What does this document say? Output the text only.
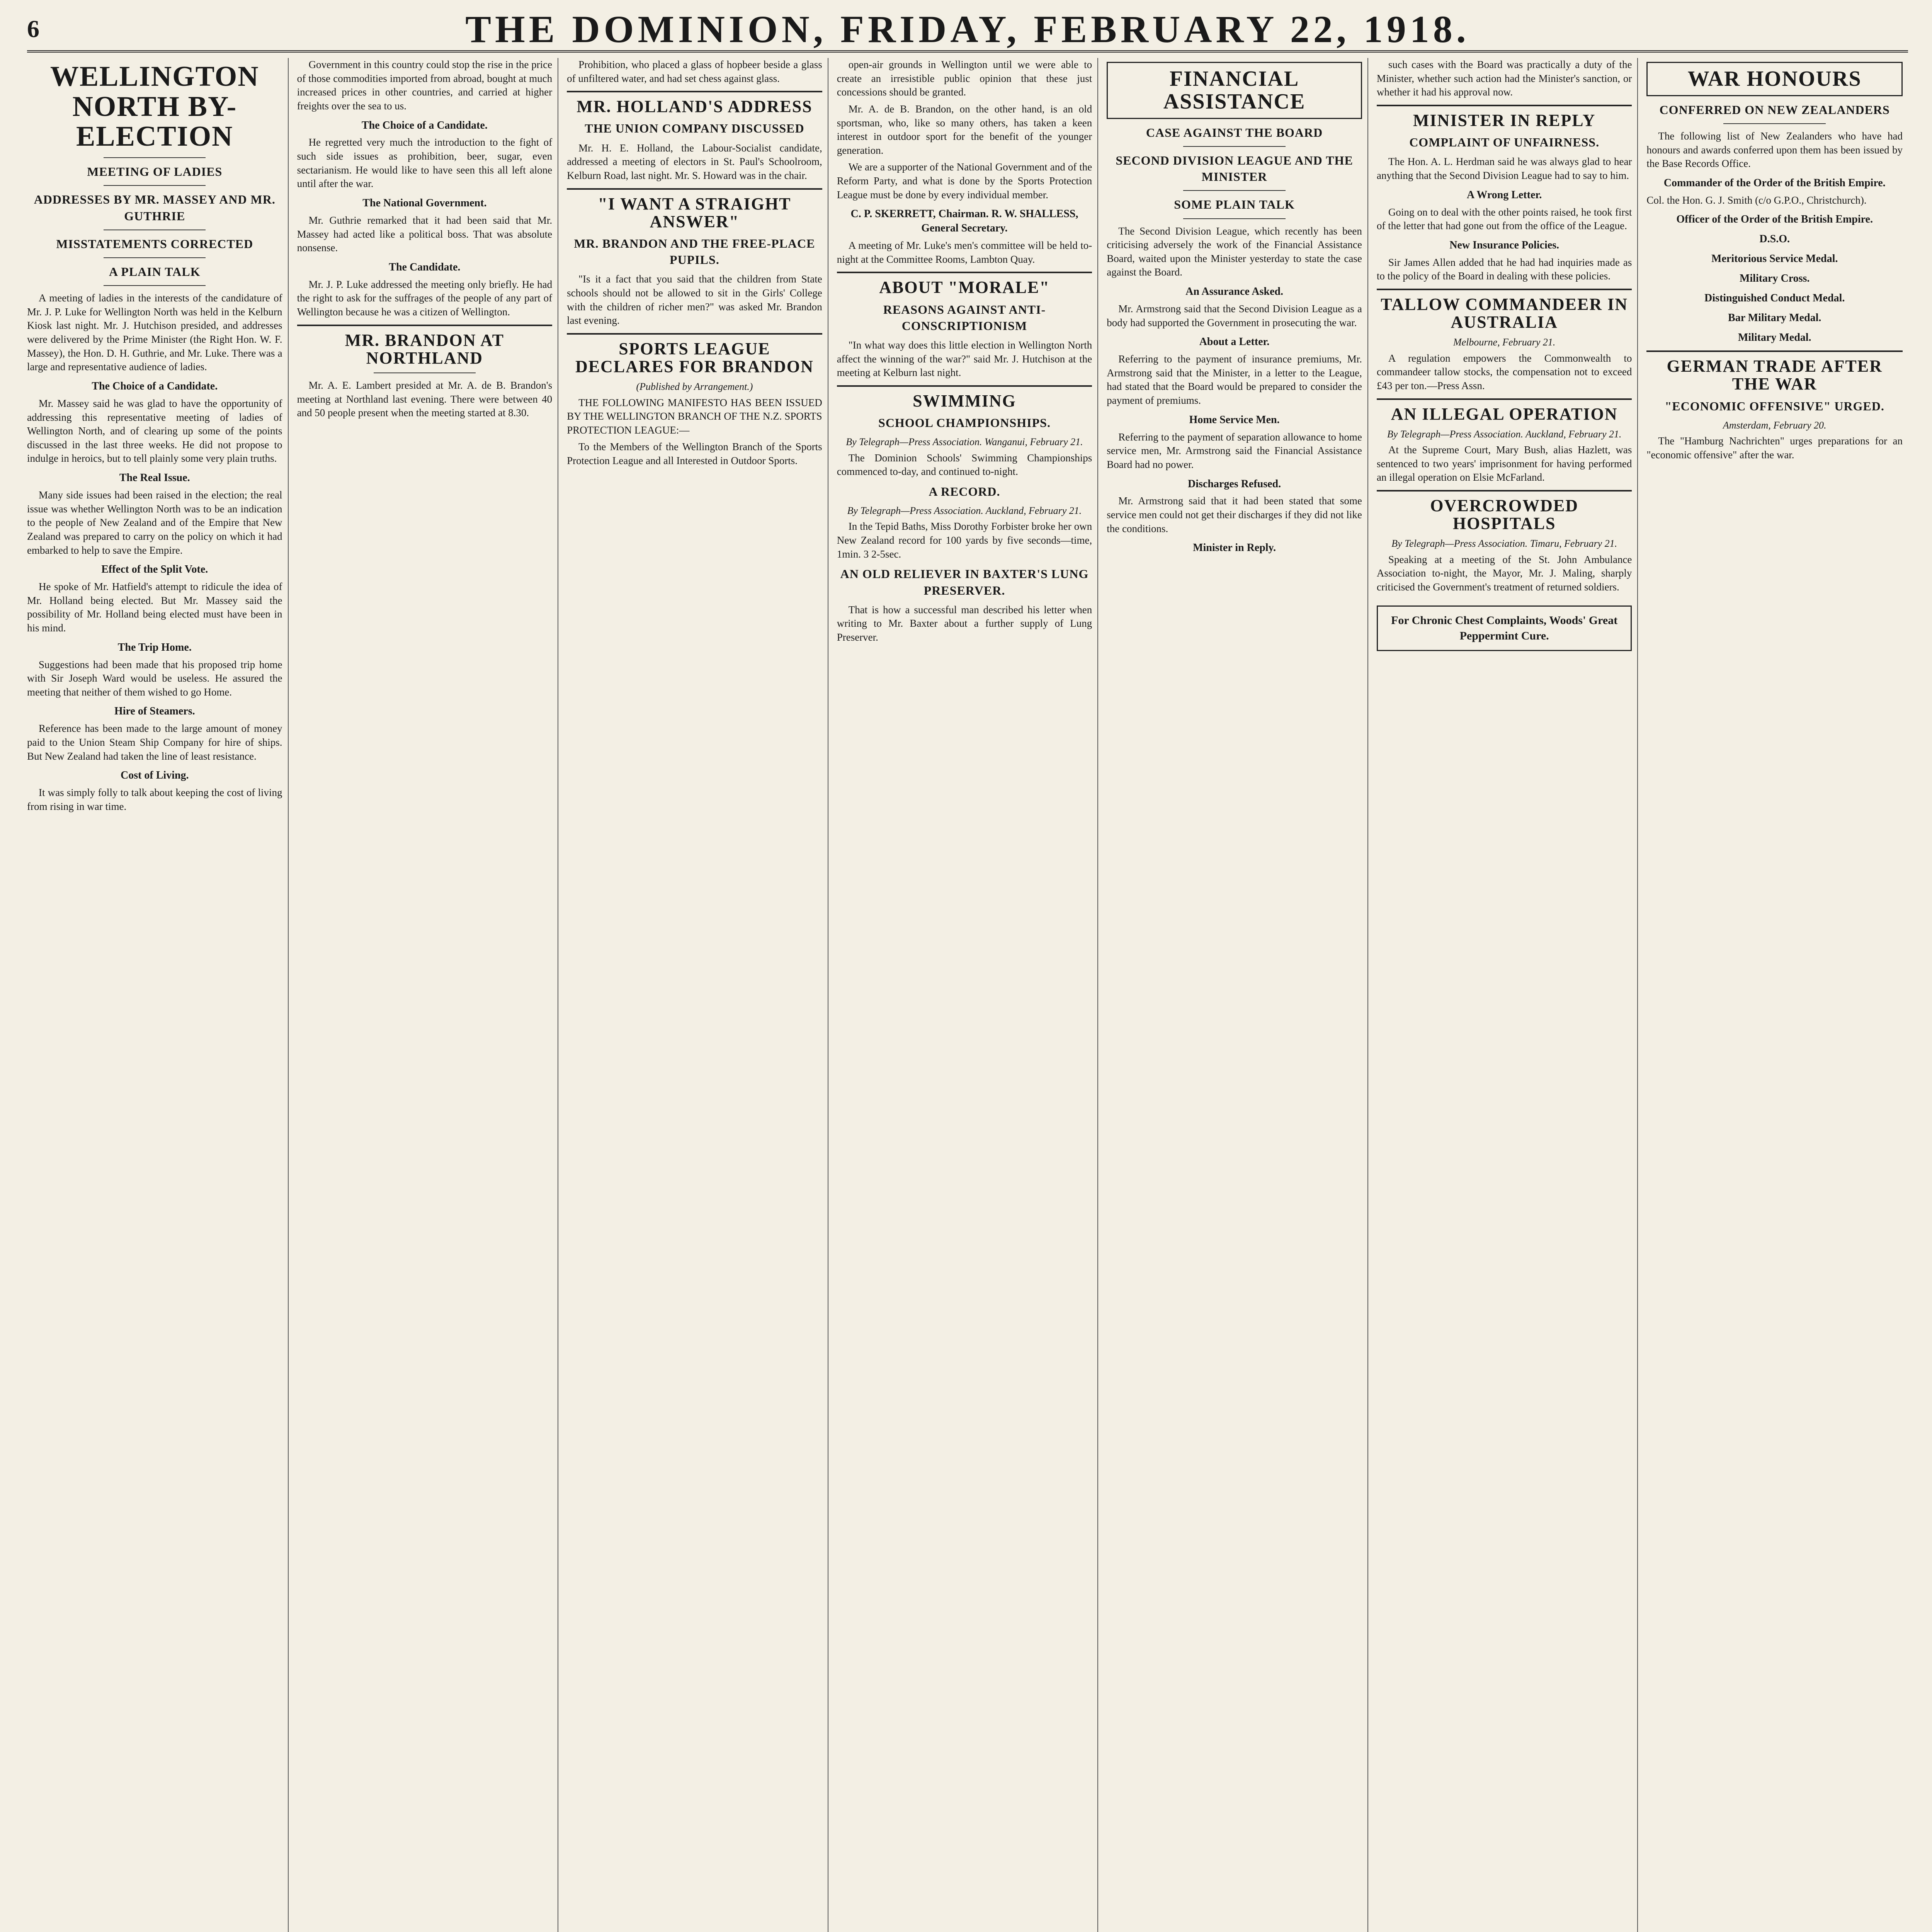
6	THE DOMINION, FRIDAY, FEBRUARY 22, 1918.
WELLINGTON NORTH BY-ELECTION
MEETING OF LADIES
ADDRESSES BY MR. MASSEY AND MR. GUTHRIE
MISSTATEMENTS CORRECTED
A PLAIN TALK

A meeting of ladies in the interests of the candidature of Mr. J. P. Luke for Wellington North was held in the Kelburn Kiosk last night. Mr. J. Hutchison presided, and addresses were delivered by the Prime Minister (the Right Hon. W. F. Massey), the Hon. D. H. Guthrie, and Mr. Luke. There was a large and representative audience of ladies.

The Choice of a Candidate.

Mr. Massey said he was glad to have the opportunity of addressing this representative meeting of ladies of Wellington North, and of clearing up some of the points discussed in the last three weeks. He did not propose to indulge in heroics, but to tell plainly some very plain truths.

The Real Issue.

Many side issues had been raised in the election; the real issue was whether Wellington North was to be an indication to the people of New Zealand and of the Empire that New Zealand was prepared to carry on the policy on which it had embarked to help to save the Empire.

Effect of the Split Vote.

He spoke of Mr. Hatfield's attempt to ridicule the idea of Mr. Holland being elected. But Mr. Massey said the possibility of Mr. Holland being elected must have been in his mind.

The Trip Home.

Suggestions had been made that his proposed trip home with Sir Joseph Ward would be useless. He assured the meeting that neither of them wished to go Home.

Hire of Steamers.

Reference has been made to the large amount of money paid to the Union Steam Ship Company for hire of ships. But New Zealand had taken the line of least resistance.

Cost of Living.

It was simply folly to talk about keeping the cost of living from rising in war time.

Government in this country could stop the rise in the price of those commodities imported from abroad, bought at much increased prices in other countries, and carried at higher freights over the sea to us.

The Choice of a Candidate.

He regretted very much the introduction to the fight of such side issues as prohibition, beer, sugar, even sectarianism. He would like to have seen this all left alone until after the war.

The National Government.

Mr. Guthrie remarked that it had been said that Mr. Massey had acted like a political boss. That was absolute nonsense.

The Candidate.

Mr. J. P. Luke addressed the meeting only briefly. He had the right to ask for the suffrages of the people of any part of Wellington because he was a citizen of Wellington.

MR. BRANDON AT NORTHLAND

Mr. A. E. Lambert presided at Mr. A. de B. Brandon's meeting at Northland last evening. There were between 40 and 50 people present when the meeting started at 8.30.

Prohibition, who placed a glass of hopbeer beside a glass of unfiltered water, and had set chess against glass.

MR. HOLLAND'S ADDRESS
THE UNION COMPANY DISCUSSED

Mr. H. E. Holland, the Labour-Socialist candidate, addressed a meeting of electors in St. Paul's Schoolroom, Kelburn Road, last night. Mr. S. Howard was in the chair.

"I WANT A STRAIGHT ANSWER"
MR. BRANDON AND THE FREE-PLACE PUPILS.

"Is it a fact that you said that the children from State schools should not be allowed to sit in the Girls' College with the children of richer men?" was asked Mr. Brandon last evening.

SPORTS LEAGUE DECLARES FOR BRANDON
(Published by Arrangement.)

THE FOLLOWING MANIFESTO HAS BEEN ISSUED BY THE WELLINGTON BRANCH OF THE N.Z. SPORTS PROTECTION LEAGUE:—

To the Members of the Wellington Branch of the Sports Protection League and all Interested in Outdoor Sports.

open-air grounds in Wellington until we were able to create an irresistible public opinion that these just concessions should be granted.

Mr. A. de B. Brandon, on the other hand, is an old sportsman, who, like so many others, has taken a keen interest in outdoor sport for the benefit of the younger generation.

We are a supporter of the National Government and of the Reform Party, and what is done by the Sports Protection League must be done by every individual member.

C. P. SKERRETT, Chairman. R. W. SHALLESS, General Secretary.

A meeting of Mr. Luke's men's committee will be held to-night at the Committee Rooms, Lambton Quay.

ABOUT "MORALE"
REASONS AGAINST ANTI-CONSCRIPTIONISM

"In what way does this little election in Wellington North affect the winning of the war?" said Mr. J. Hutchison at the meeting at Kelburn last night.

SWIMMING
SCHOOL CHAMPIONSHIPS.
By Telegraph—Press Association. Wanganui, February 21.

The Dominion Schools' Swimming Championships commenced to-day, and continued to-night.

A RECORD.
By Telegraph—Press Association. Auckland, February 21.

In the Tepid Baths, Miss Dorothy Forbister broke her own New Zealand record for 100 yards by five seconds—time, 1min. 3 2-5sec.

AN OLD RELIEVER IN BAXTER'S LUNG PRESERVER.

That is how a successful man described his letter when writing to Mr. Baxter about a further supply of Lung Preserver.

FINANCIAL ASSISTANCE
CASE AGAINST THE BOARD
SECOND DIVISION LEAGUE AND THE MINISTER
SOME PLAIN TALK

The Second Division League, which recently has been criticising adversely the work of the Financial Assistance Board, waited upon the Minister yesterday to state the case against the Board.

An Assurance Asked.

Mr. Armstrong said that the Second Division League as a body had supported the Government in prosecuting the war.

About a Letter.

Referring to the payment of insurance premiums, Mr. Armstrong said that the Minister, in a letter to the League, had stated that the Board would be prepared to consider the payment of premiums.

Home Service Men.

Referring to the payment of separation allowance to home service men, Mr. Armstrong said the Financial Assistance Board had no power.

Discharges Refused.

Mr. Armstrong said that it had been stated that some service men could not get their discharges if they did not like the conditions.

Minister in Reply.

such cases with the Board was practically a duty of the Minister, whether such action had the Minister's sanction, or whether it had his approval now.

MINISTER IN REPLY
COMPLAINT OF UNFAIRNESS.

The Hon. A. L. Herdman said he was always glad to hear anything that the Second Division League had to say to him.

A Wrong Letter.

Going on to deal with the other points raised, he took first of the letter that had gone out from the office of the League.

New Insurance Policies.

Sir James Allen added that he had had inquiries made as to the policy of the Board in dealing with these policies.

TALLOW COMMANDEER IN AUSTRALIA
Melbourne, February 21.

A regulation empowers the Commonwealth to commandeer tallow stocks, the compensation not to exceed £43 per ton.—Press Assn.

AN ILLEGAL OPERATION
By Telegraph—Press Association. Auckland, February 21.

At the Supreme Court, Mary Bush, alias Hazlett, was sentenced to two years' imprisonment for having performed an illegal operation on Elsie McFarland.

OVERCROWDED HOSPITALS
By Telegraph—Press Association. Timaru, February 21.

Speaking at a meeting of the St. John Ambulance Association to-night, the Mayor, Mr. J. Maling, sharply criticised the Government's treatment of returned soldiers.

For Chronic Chest Complaints, Woods' Great Peppermint Cure.
WAR HONOURS
CONFERRED ON NEW ZEALANDERS

The following list of New Zealanders who have had honours and awards conferred upon them has been issued by the Base Records Office.

Commander of the Order of the British Empire.

Col. the Hon. G. J. Smith (c/o G.P.O., Christchurch).

Officer of the Order of the British Empire.
D.S.O.
Meritorious Service Medal.
Military Cross.
Distinguished Conduct Medal.
Bar Military Medal.
Military Medal.
GERMAN TRADE AFTER THE WAR
"ECONOMIC OFFENSIVE" URGED.
Amsterdam, February 20.

The "Hamburg Nachrichten" urges preparations for an "economic offensive" after the war.
